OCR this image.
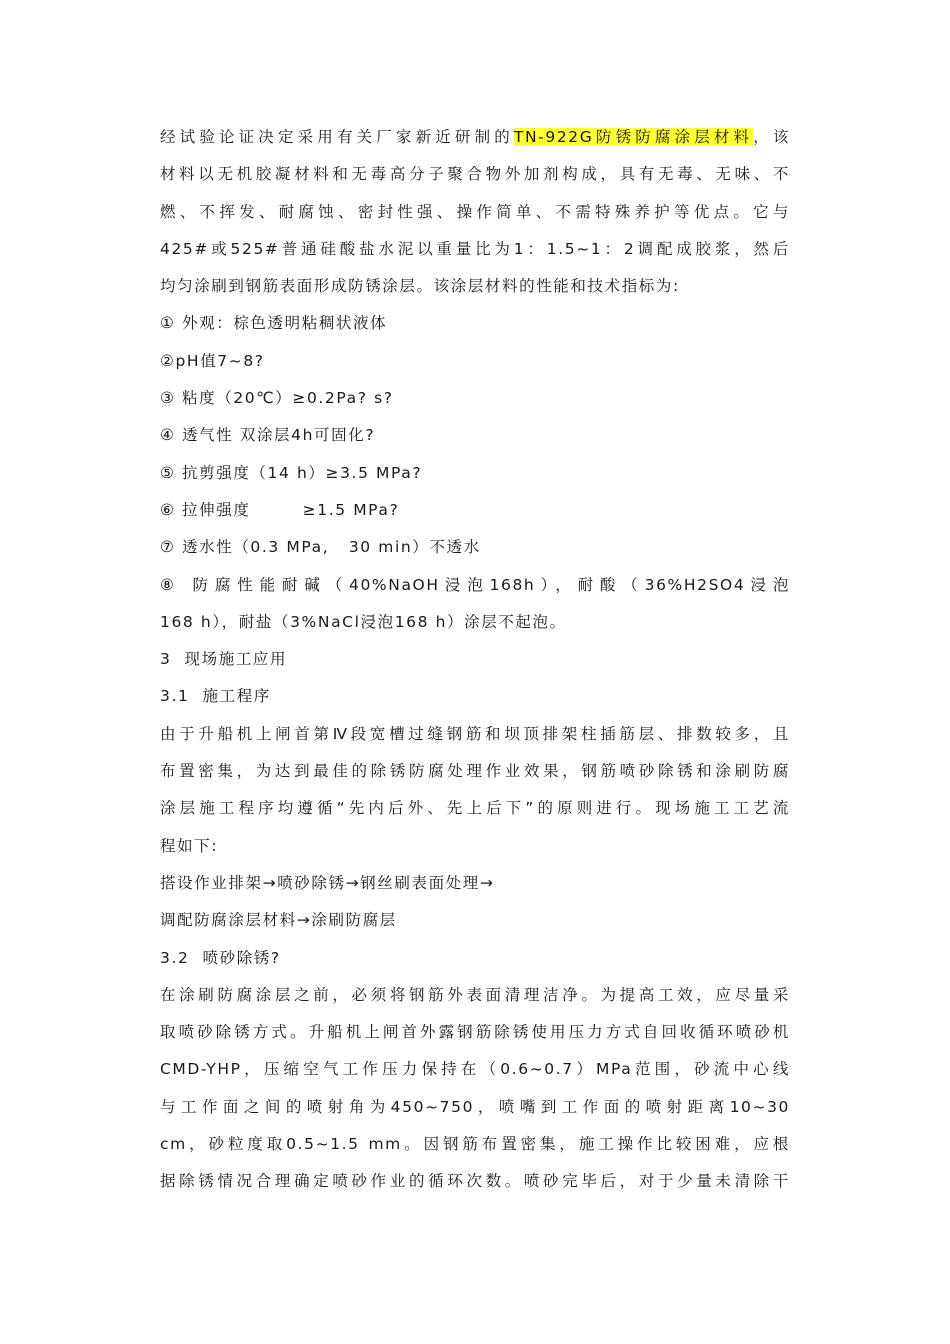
经试验论证决定采用有关厂家新近研制的TN-922G防锈防腐涂层材料，该
材料以无机胶凝材料和无毒高分子聚合物外加剂构成，具有无毒、无味、不
燃、不挥发、耐腐蚀、密封性强、操作简单、不需特殊养护等优点。它与
425#或525#普通硅酸盐水泥以重量比为1：1.5~1：2调配成胶浆，然后
均匀涂刷到钢筋表面形成防锈涂层。该涂层材料的性能和技术指标为:
① 外观：棕色透明粘稠状液体
②pH值7~8?
③ 粘度（20℃）≥0.2Pa? s?
④ 透气性 双涂层4h可固化?
⑤ 抗剪强度（14 h）≥3.5 MPa?
⑥ 拉伸强度        ≥1.5 MPa?
⑦ 透水性（0.3 MPa,   30 min）不透水
⑧ 防腐性能耐碱（40%NaOH浸泡168h），耐酸（36%H2SO4浸泡
168 h），耐盐（3%NaCl浸泡168 h）涂层不起泡。
3  现场施工应用
3.1  施工程序
由于升船机上闸首第Ⅳ段宽槽过缝钢筋和坝顶排架柱插筋层、排数较多，且
布置密集，为达到最佳的除锈防腐处理作业效果，钢筋喷砂除锈和涂刷防腐
涂层施工程序均遵循“先内后外、先上后下”的原则进行。现场施工工艺流
程如下:
搭设作业排架→喷砂除锈→钢丝刷表面处理→
调配防腐涂层材料→涂刷防腐层
3.2  喷砂除锈?
在涂刷防腐涂层之前，必须将钢筋外表面清理洁净。为提高工效，应尽量采
取喷砂除锈方式。升船机上闸首外露钢筋除锈使用压力方式自回收循环喷砂机
CMD-YHP，压缩空气工作压力保持在（0.6~0.7）MPa范围，砂流中心线
与工作面之间的喷射角为450~750，喷嘴到工作面的喷射距离10~30
cm，砂粒度取0.5~1.5 mm。因钢筋布置密集，施工操作比较困难，应根
据除锈情况合理确定喷砂作业的循环次数。喷砂完毕后，对于少量未清除干
